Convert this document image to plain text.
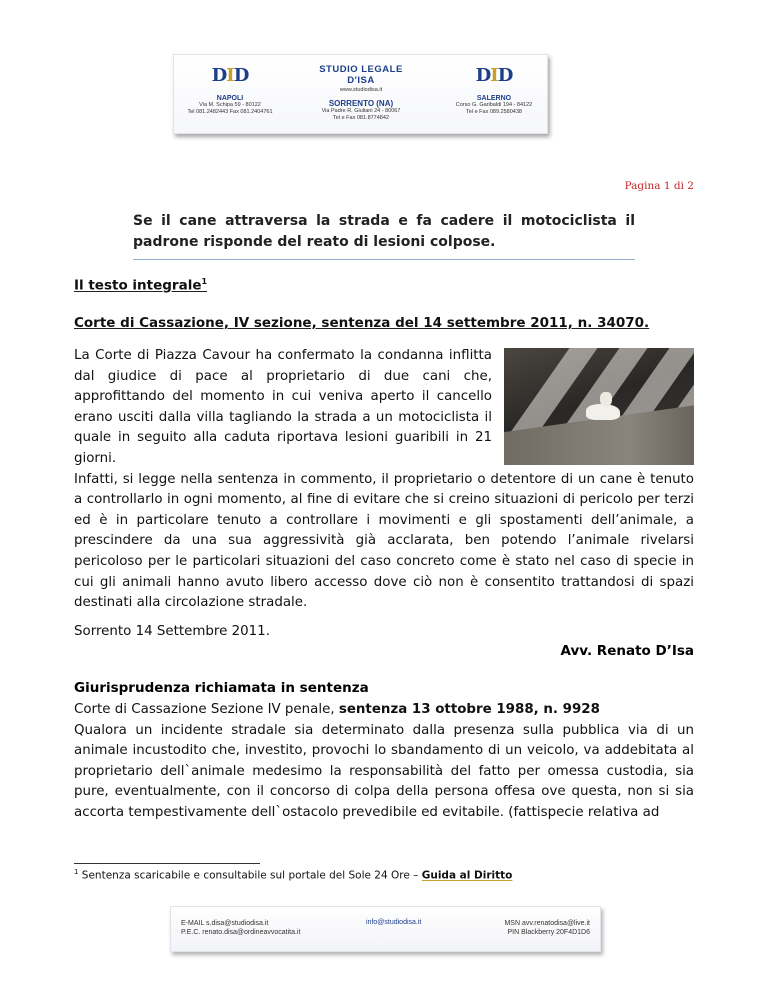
DID
NAPOLI
Via M. Schipa 59 - 80122
Tel 081.2482443 Fax 081.2404761
STUDIO LEGALE
D'ISA
www.studiodisa.it
SORRENTO (NA)
Via Padre R. Giuliani 24 - 80067
Tel e Fax 081.8774842
DID
SALERNO
Corso G. Garibaldi 194 - 84122
Tel e Fax 089.2580438
Pagina 1 di 2
Se il cane attraversa la strada e fa cadere il motociclista il padrone risponde del reato di lesioni colpose.
Il testo integrale$^1$
Corte di Cassazione, IV sezione, sentenza del 14 settembre 2011, n. 34070.

La Corte di Piazza Cavour ha confermato la condanna inflitta dal giudice di pace al proprietario di due cani che, approfittando del momento in cui veniva aperto il cancello erano usciti dalla villa tagliando la strada a un motociclista il quale in seguito alla caduta riportava lesioni guaribili in 21 giorni.

Infatti, si legge nella sentenza in commento, il proprietario o detentore di un cane è tenuto a controllarlo in ogni momento, al fine di evitare che si creino situazioni di pericolo per terzi ed è in particolare tenuto a controllare i movimenti e gli spostamenti dell’animale, a prescindere da una sua aggressività già acclarata, ben potendo l’animale rivelarsi pericoloso per le particolari situazioni del caso concreto come è stato nel caso di specie in cui gli animali hanno avuto libero accesso dove ciò non è consentito trattandosi di spazi destinati alla circolazione stradale.

Sorrento 14 Settembre 2011.
Avv. Renato D’Isa
Giurisprudenza richiamata in sentenza
Corte di Cassazione Sezione IV penale, sentenza 13 ottobre 1988, n. 9928

Qualora un incidente stradale sia determinato dalla presenza sulla pubblica via di un animale incustodito che, investito, provochi lo sbandamento di un veicolo, va addebitata al proprietario dell`animale medesimo la responsabilità del fatto per omessa custodia, sia pure, eventualmente, con il concorso di colpa della persona offesa ove questa, non si sia accorta tempestivamente dell`ostacolo prevedibile ed evitabile. (fattispecie relativa ad

$^1$ Sentenza scaricabile e consultabile sul portale del Sole 24 Ore – Guida al Diritto
E-MAIL s.disa@studiodisa.it
P.E.C. renato.disa@ordineavvocatita.it
info@studiodisa.it	MSN avv.renatodisa@live.it
PIN Blackberry 20F4D1D6
